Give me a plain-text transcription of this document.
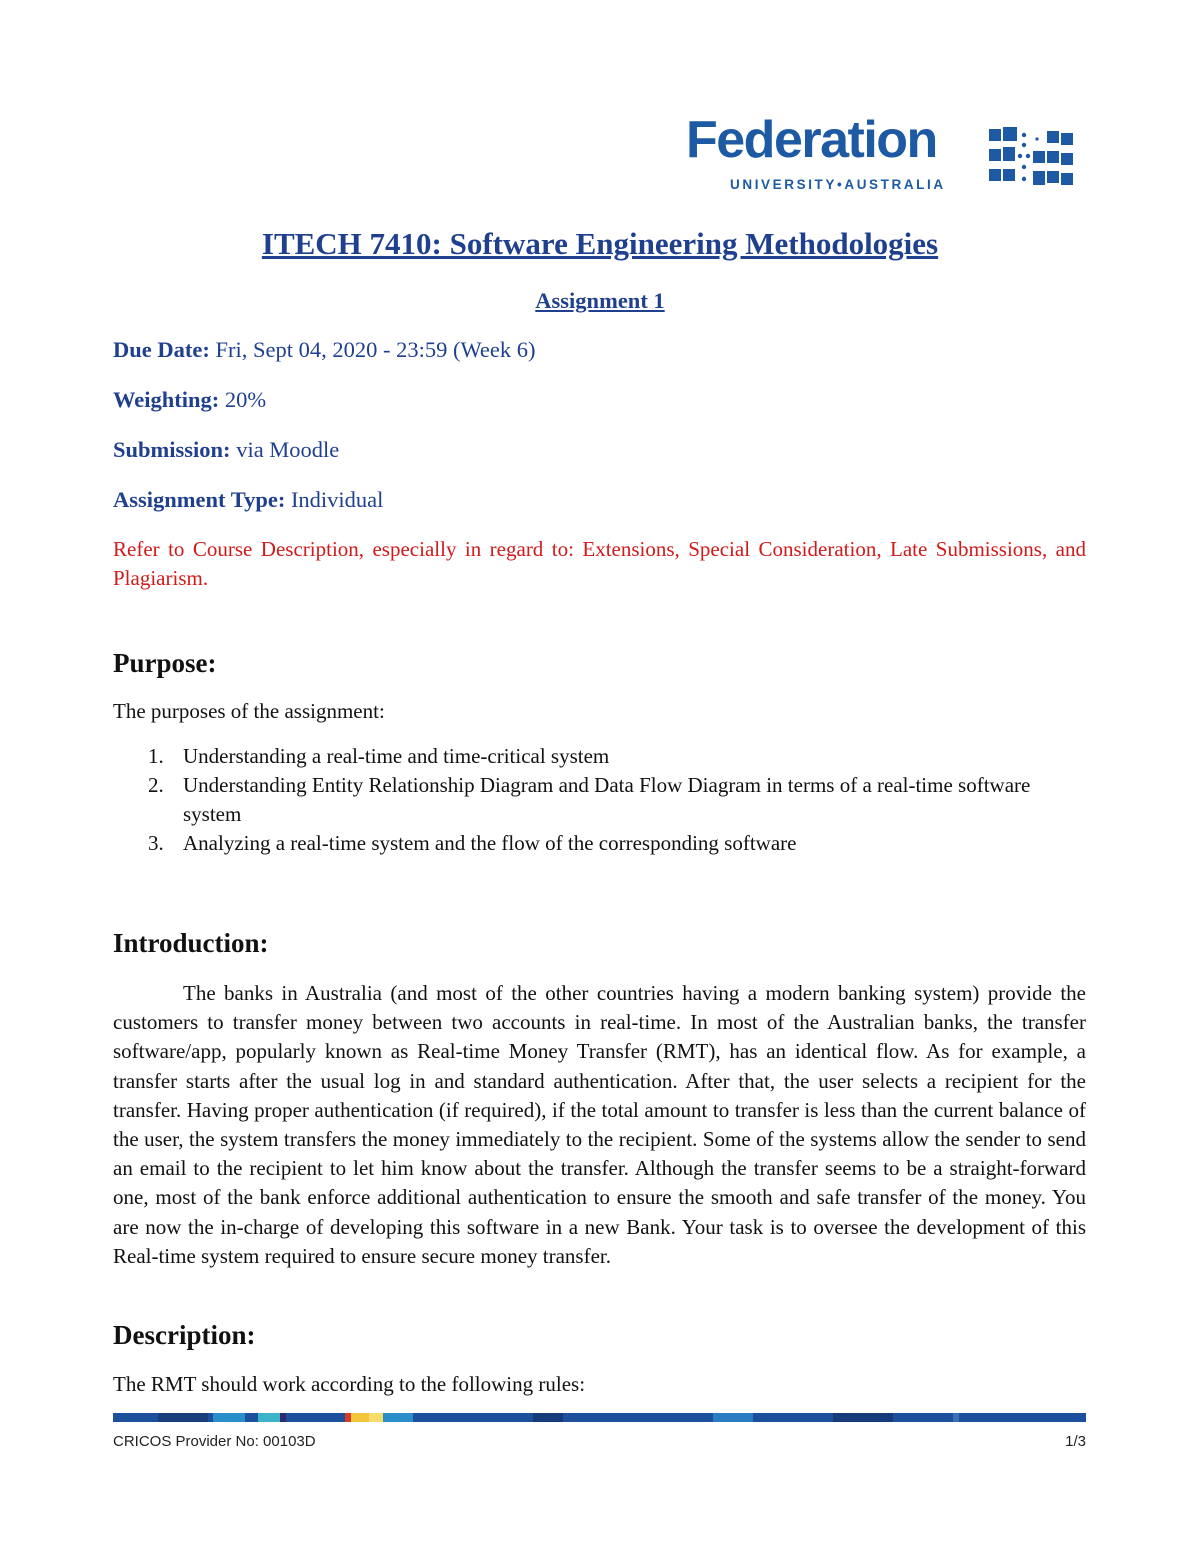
Federation
UNIVERSITY•AUSTRALIA
ITECH 7410: Software Engineering Methodologies
Assignment 1
Due Date: Fri, Sept 04, 2020 - 23:59 (Week 6)
Weighting: 20%
Submission: via Moodle
Assignment Type: Individual
Refer to Course Description, especially in regard to: Extensions, Special Consideration, Late Submissions, and Plagiarism.
Purpose:
The purposes of the assignment:
1. Understanding a real-time and time-critical system
2. Understanding Entity Relationship Diagram and Data Flow Diagram in terms of a real-time software system
3. Analyzing a real-time system and the flow of the corresponding software
Introduction:

The banks in Australia (and most of the other countries having a modern banking system) provide the customers to transfer money between two accounts in real-time. In most of the Australian banks, the transfer software/app, popularly known as Real-time Money Transfer (RMT), has an identical flow. As for example, a transfer starts after the usual log in and standard authentication. After that, the user selects a recipient for the transfer. Having proper authentication (if required), if the total amount to transfer is less than the current balance of the user, the system transfers the money immediately to the recipient. Some of the systems allow the sender to send an email to the recipient to let him know about the transfer. Although the transfer seems to be a straight-forward one, most of the bank enforce additional authentication to ensure the smooth and safe transfer of the money. You are now the in-charge of developing this software in a new Bank. Your task is to oversee the development of this Real-time system required to ensure secure money transfer.

Description:
The RMT should work according to the following rules:
CRICOS Provider No: 00103D	1/3
